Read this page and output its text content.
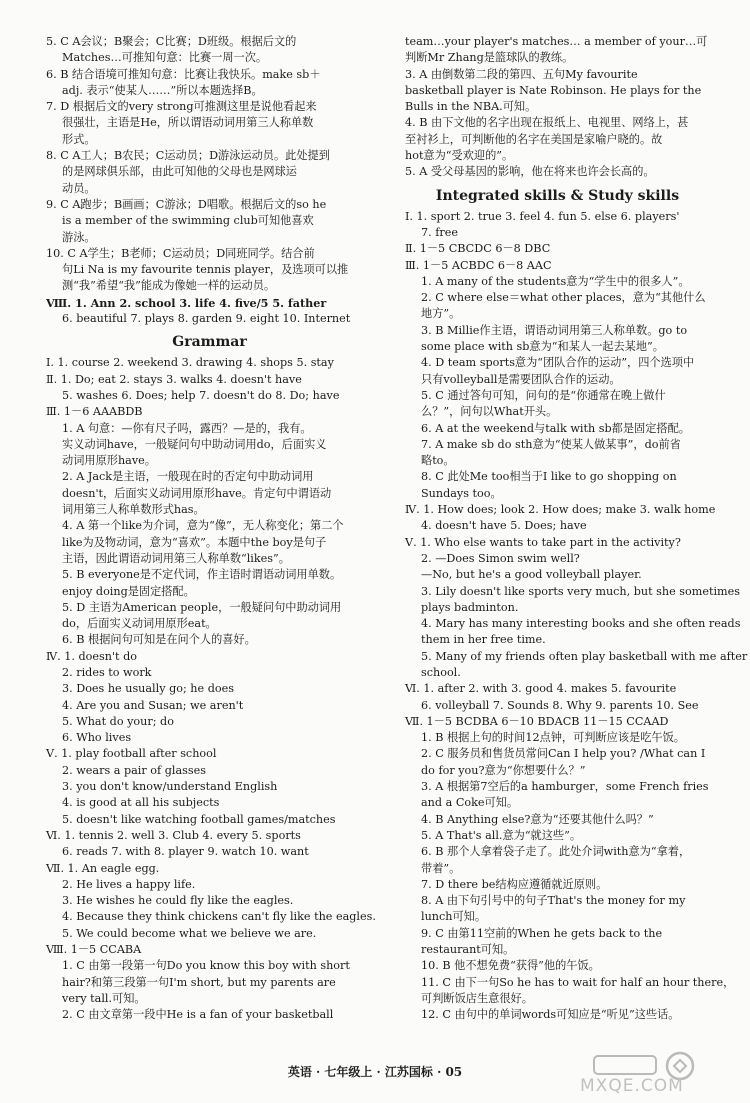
5. C A会议；B聚会；C比赛；D班级。根据后文的
Matches…可推知句意：比赛一周一次。
6. B 结合语境可推知句意：比赛让我快乐。make sb＋
adj. 表示“使某人……”所以本题选择B。
7. D 根据后文的very strong可推测这里是说他看起来
很强壮，主语是He，所以谓语动词用第三人称单数
形式。
8. C A工人；B农民；C运动员；D游泳运动员。此处提到
的是网球俱乐部，由此可知他的父母也是网球运
动员。
9. C A跑步；B画画；C游泳；D唱歌。根据后文的so he
is a member of the swimming club可知他喜欢
游泳。
10. C A学生；B老师；C运动员；D同班同学。结合前
句Li Na is my favourite tennis player，及选项可以推
测“我”希望“我”能成为像她一样的运动员。
Ⅷ. 1. Ann 2. school 3. life 4. five/5 5. father
6. beautiful 7. plays 8. garden 9. eight 10. Internet
Grammar
Ⅰ. 1. course 2. weekend 3. drawing 4. shops 5. stay
Ⅱ. 1. Do; eat 2. stays 3. walks 4. doesn't have
5. washes 6. Does; help 7. doesn't do 8. Do; have
Ⅲ. 1－6 AAABDB
1. A 句意：—你有尺子吗，露西？—是的，我有。
实义动词have，一般疑问句中助动词用do，后面实义
动词用原形have。
2. A Jack是主语，一般现在时的否定句中助动词用
doesn't，后面实义动词用原形have。肯定句中谓语动
词用第三人称单数形式has。
4. A 第一个like为介词，意为“像”，无人称变化；第二个
like为及物动词，意为“喜欢”。本题中the boy是句子
主语，因此谓语动词用第三人称单数“likes”。
5. B everyone是不定代词，作主语时谓语动词用单数。
enjoy doing是固定搭配。
5. D 主语为American people，一般疑问句中助动词用
do，后面实义动词用原形eat。
6. B 根据问句可知是在问个人的喜好。
Ⅳ. 1. doesn't do
2. rides to work
3. Does he usually go; he does
4. Are you and Susan; we aren't
5. What do your; do
6. Who lives
Ⅴ. 1. play football after school
2. wears a pair of glasses
3. you don't know/understand English
4. is good at all his subjects
5. doesn't like watching football games/matches
Ⅵ. 1. tennis 2. well 3. Club 4. every 5. sports
6. reads 7. with 8. player 9. watch 10. want
Ⅶ. 1. An eagle egg.
2. He lives a happy life.
3. He wishes he could fly like the eagles.
4. Because they think chickens can't fly like the eagles.
5. We could become what we believe we are.
Ⅷ. 1－5 CCABA
1. C 由第一段第一句Do you know this boy with short
hair?和第三段第一句I'm short, but my parents are
very tall.可知。
2. C 由文章第一段中He is a fan of your basketball
team…your player's matches… a member of your…可
判断Mr Zhang是篮球队的教练。
3. A 由倒数第二段的第四、五句My favourite
basketball player is Nate Robinson. He plays for the
Bulls in the NBA.可知。
4. B 由下文他的名字出现在报纸上、电视里、网络上，甚
至衬衫上，可判断他的名字在美国是家喻户晓的。故
hot意为“受欢迎的”。
5. A 受父母基因的影响，他在将来也许会长高的。
Integrated skills & Study skills
Ⅰ. 1. sport 2. true 3. feel 4. fun 5. else 6. players'
7. free
Ⅱ. 1－5 CBCDC 6－8 DBC
Ⅲ. 1－5 ACBDC 6－8 AAC
1. A many of the students意为“学生中的很多人”。
2. C where else＝what other places，意为“其他什么
地方”。
3. B Millie作主语，谓语动词用第三人称单数。go to
some place with sb意为“和某人一起去某地”。
4. D team sports意为“团队合作的运动”，四个选项中
只有volleyball是需要团队合作的运动。
5. C 通过答句可知，问句的是“你通常在晚上做什
么？”，问句以What开头。
6. A at the weekend与talk with sb都是固定搭配。
7. A make sb do sth意为“使某人做某事”，do前省
略to。
8. C 此处Me too相当于I like to go shopping on
Sundays too。
Ⅳ. 1. How does; look 2. How does; make 3. walk home
4. doesn't have 5. Does; have
Ⅴ. 1. Who else wants to take part in the activity?
2. —Does Simon swim well?
—No, but he's a good volleyball player.
3. Lily doesn't like sports very much, but she sometimes
plays badminton.
4. Mary has many interesting books and she often reads
them in her free time.
5. Many of my friends often play basketball with me after
school.
Ⅵ. 1. after 2. with 3. good 4. makes 5. favourite
6. volleyball 7. Sounds 8. Why 9. parents 10. See
Ⅶ. 1－5 BCDBA 6－10 BDACB 11－15 CCAAD
1. B 根据上句的时间12点钟，可判断应该是吃午饭。
2. C 服务员和售货员常问Can I help you? /What can I
do for you?意为“你想要什么？”
3. A 根据第7空后的a hamburger，some French fries
and a Coke可知。
4. B Anything else?意为“还要其他什么吗？”
5. A That's all.意为“就这些”。
6. B 那个人拿着袋子走了。此处介词with意为“拿着，
带着”。
7. D there be结构应遵循就近原则。
8. A 由下句引号中的句子That's the money for my
lunch可知。
9. C 由第11空前的When he gets back to the
restaurant可知。
10. B 他不想免费“获得”他的午饭。
11. C 由下一句So he has to wait for half an hour there，
可判断饭店生意很好。
12. C 由句中的单词words可知应是“听见”这些话。
英语 · 七年级上 · 江苏国标 · 05
MXQE.COM
